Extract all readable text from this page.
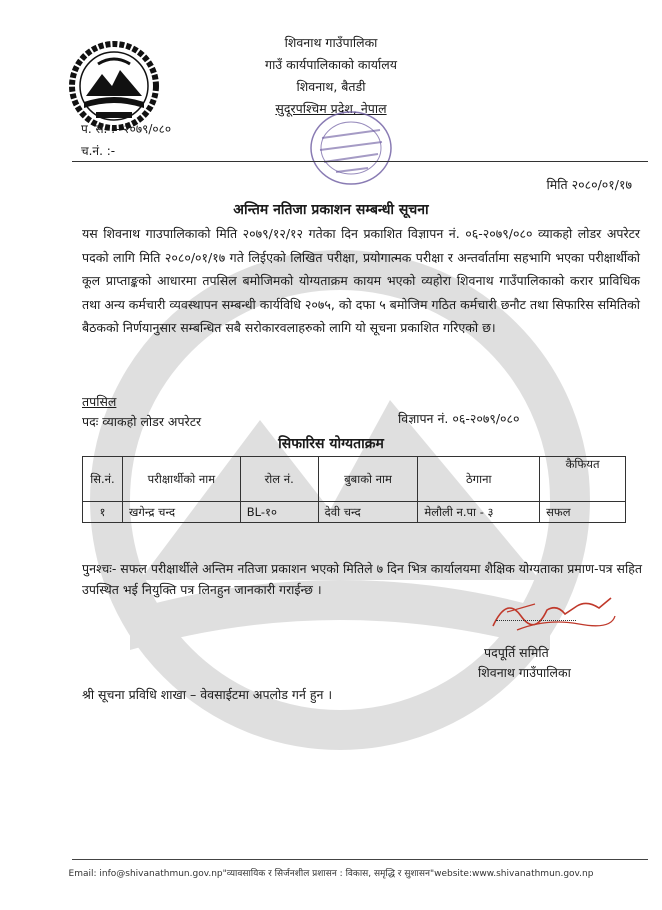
शिवनाथ गाउँपालिका
गाउँ कार्यपालिकाको कार्यालय
शिवनाथ, बैतडी
सुदूरपश्चिम प्रदेश, नेपाल
प. सं. :- २०७९/०८०
च.नं. :-
मिति २०८०/०१/१७
अन्तिम नतिजा प्रकाशन सम्बन्धी सूचना
यस शिवनाथ गाउपालिकाको मिति २०७९/१२/१२ गतेका दिन प्रकाशित विज्ञापन नं. ०६-२०७९/०८० व्याकहो लोडर अपरेटर पदको लागि मिति २०८०/०१/१७ गते लिईएको लिखित परीक्षा, प्रयोगात्मक परीक्षा र अन्तर्वार्तामा सहभागि भएका परीक्षार्थीको कूल प्राप्ताङ्कको आधारमा तपसिल बमोजिमको योग्यताक्रम कायम भएको व्यहोरा शिवनाथ गाउँपालिकाको करार प्राविधिक तथा अन्य कर्मचारी व्यवस्थापन सम्बन्धी कार्यविधि २०७५, को दफा ५ बमोजिम गठित कर्मचारी छनौट तथा सिफारिस समितिको बैठकको निर्णयानुसार सम्बन्धित सबै सरोकारवलाहरुको लागि यो सूचना प्रकाशित गरिएको छ।
तपसिल
पदः व्याकहो लोडर अपरेटर	विज्ञापन नं. ०६-२०७९/०८०
सिफारिस योग्यताक्रम
सि.नं.	परीक्षार्थीको नाम	रोल नं.	बुबाको नाम	ठेगाना	कैफियत
१	खगेन्द्र चन्द	BL-१०	देवी चन्द	मेलौली न.पा - ३	सफल
पुनश्चः- सफल परीक्षार्थीले अन्तिम नतिजा प्रकाशन भएको मितिले ७ दिन भित्र कार्यालयमा शैक्षिक योग्यताका प्रमाण-पत्र सहित उपस्थित भई नियुक्ति पत्र लिनहुन जानकारी गराईन्छ ।
पदपूर्ति समिति
शिवनाथ गाउँपालिका
श्री सूचना प्रविधि शाखा – वेवसाईटमा अपलोड गर्न हुन ।
Email: info@shivanathmun.gov.np"व्यावसायिक र सिर्जनशील प्रशासन : विकास, समृद्धि र सुशासन"website:www.shivanathmun.gov.np
